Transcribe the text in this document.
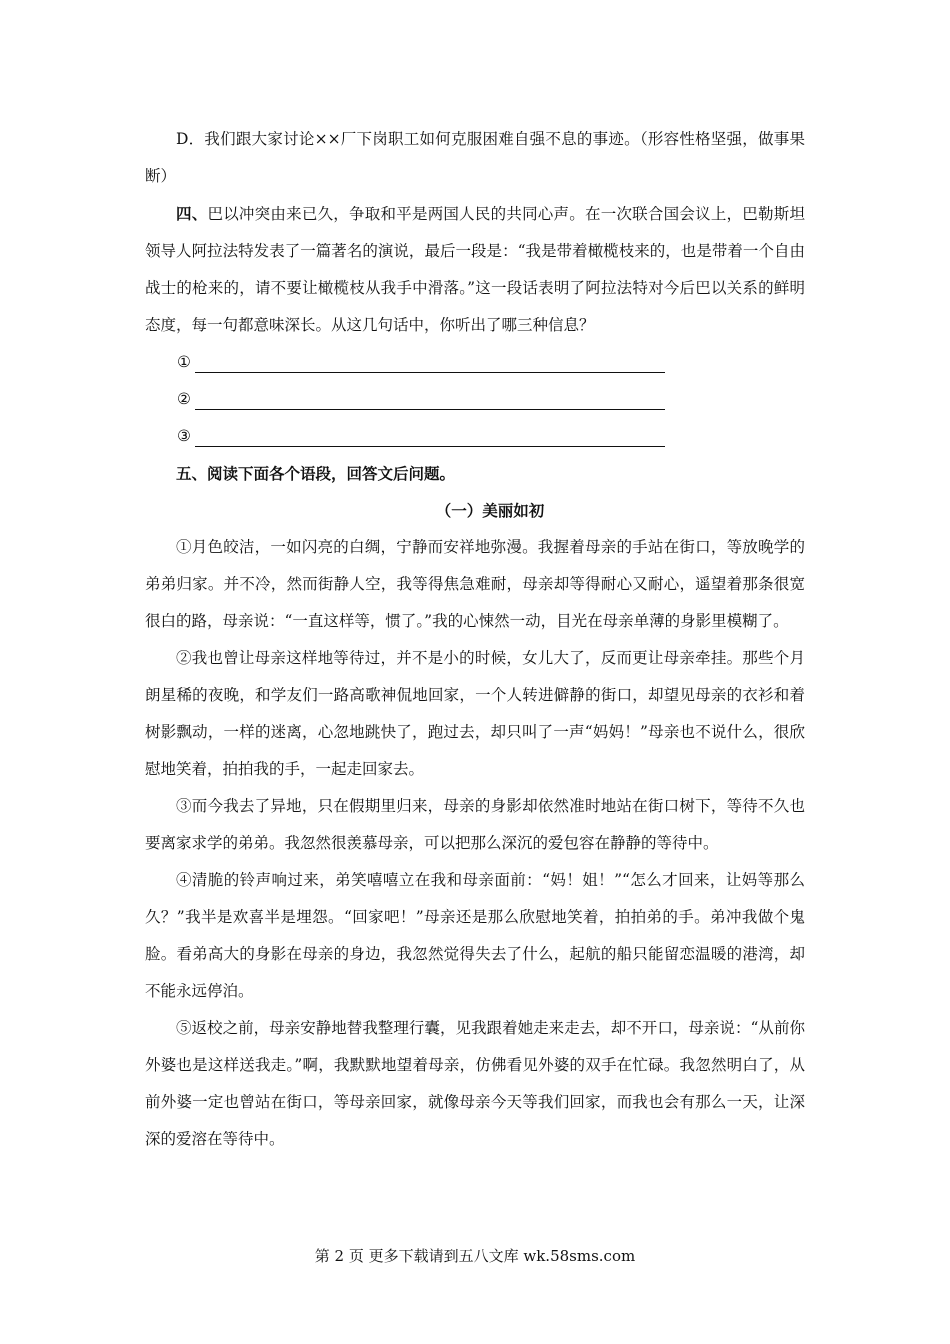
D．我们跟大家讨论××厂下岗职工如何克服困难自强不息的事迹。（形容性格坚强，做事果断）

四、巴以冲突由来已久，争取和平是两国人民的共同心声。在一次联合国会议上，巴勒斯坦领导人阿拉法特发表了一篇著名的演说，最后一段是：“我是带着橄榄枝来的，也是带着一个自由战士的枪来的，请不要让橄榄枝从我手中滑落。”这一段话表明了阿拉法特对今后巴以关系的鲜明态度，每一句都意味深长。从这几句话中，你听出了哪三种信息？

①
②
③

五、阅读下面各个语段，回答文后问题。

（一）美丽如初

①月色皎洁，一如闪亮的白绸，宁静而安祥地弥漫。我握着母亲的手站在街口，等放晚学的弟弟归家。并不冷，然而街静人空，我等得焦急难耐，母亲却等得耐心又耐心，遥望着那条很宽很白的路，母亲说：“一直这样等，惯了。”我的心悚然一动，目光在母亲单薄的身影里模糊了。

②我也曾让母亲这样地等待过，并不是小的时候，女儿大了，反而更让母亲牵挂。那些个月朗星稀的夜晚，和学友们一路高歌神侃地回家，一个人转进僻静的街口，却望见母亲的衣衫和着树影飘动，一样的迷离，心忽地跳快了，跑过去，却只叫了一声“妈妈！”母亲也不说什么，很欣慰地笑着，拍拍我的手，一起走回家去。

③而今我去了异地，只在假期里归来，母亲的身影却依然准时地站在街口树下，等待不久也要离家求学的弟弟。我忽然很羡慕母亲，可以把那么深沉的爱包容在静静的等待中。

④清脆的铃声响过来，弟笑嘻嘻立在我和母亲面前：“妈！姐！”“怎么才回来，让妈等那么久？”我半是欢喜半是埋怨。“回家吧！”母亲还是那么欣慰地笑着，拍拍弟的手。弟冲我做个鬼脸。看弟高大的身影在母亲的身边，我忽然觉得失去了什么，起航的船只能留恋温暖的港湾，却不能永远停泊。

⑤返校之前，母亲安静地替我整理行囊，见我跟着她走来走去，却不开口，母亲说：“从前你外婆也是这样送我走。”啊，我默默地望着母亲，仿佛看见外婆的双手在忙碌。我忽然明白了，从前外婆一定也曾站在街口，等母亲回家，就像母亲今天等我们回家，而我也会有那么一天，让深深的爱溶在等待中。

第 2 页 更多下载请到五八文库 wk.58sms.com
